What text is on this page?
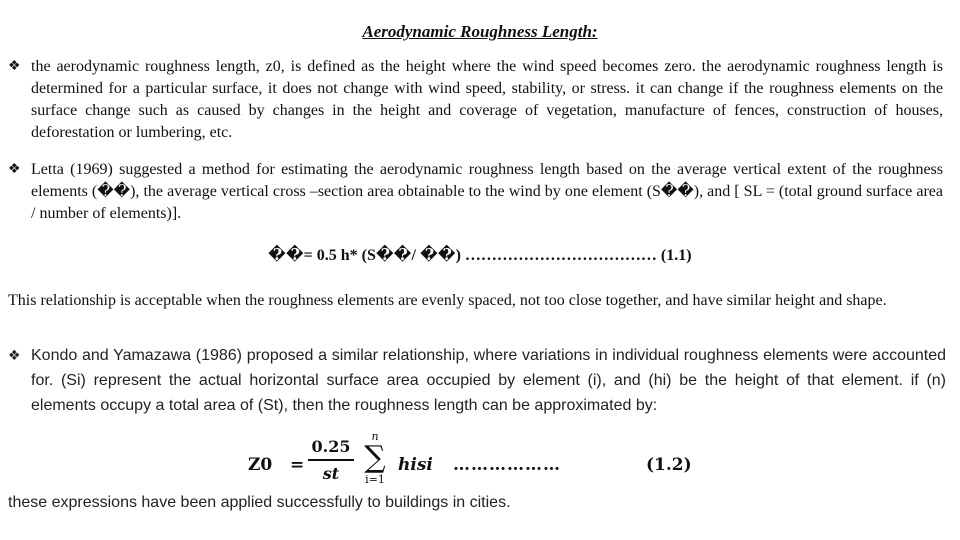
Aerodynamic Roughness Length:
❖ the aerodynamic roughness length, z0, is defined as the height where the wind speed becomes zero. the aerodynamic roughness length is determined for a particular surface, it does not change with wind speed, stability, or stress. it can change if the roughness elements on the surface change such as caused by changes in the height and coverage of vegetation, manufacture of fences, construction of houses, deforestation or lumbering, etc.
❖ Letta (1969) suggested a method for estimating the aerodynamic roughness length based on the average vertical extent of the roughness elements (��), the average vertical cross –section area obtainable to the wind by one element (S��), and [ SL = (total ground surface area / number of elements)].
��= 0.5 h* (S��/ ��) ……………………………… (1.1)
This relationship is acceptable when the roughness elements are evenly spaced, not too close together, and have similar height and shape.
❖ Kondo and Yamazawa (1986) proposed a similar relationship, where variations in individual roughness elements were accounted for. (Si) represent the actual horizontal surface area occupied by element (i), and (hi) be the height of that element. if (n) elements occupy a total area of (St), then the roughness length can be approximated by:
Z0 =
0.25
st
n
∑
i=1
hisi ………………	(1.2)
these expressions have been applied successfully to buildings in cities.
